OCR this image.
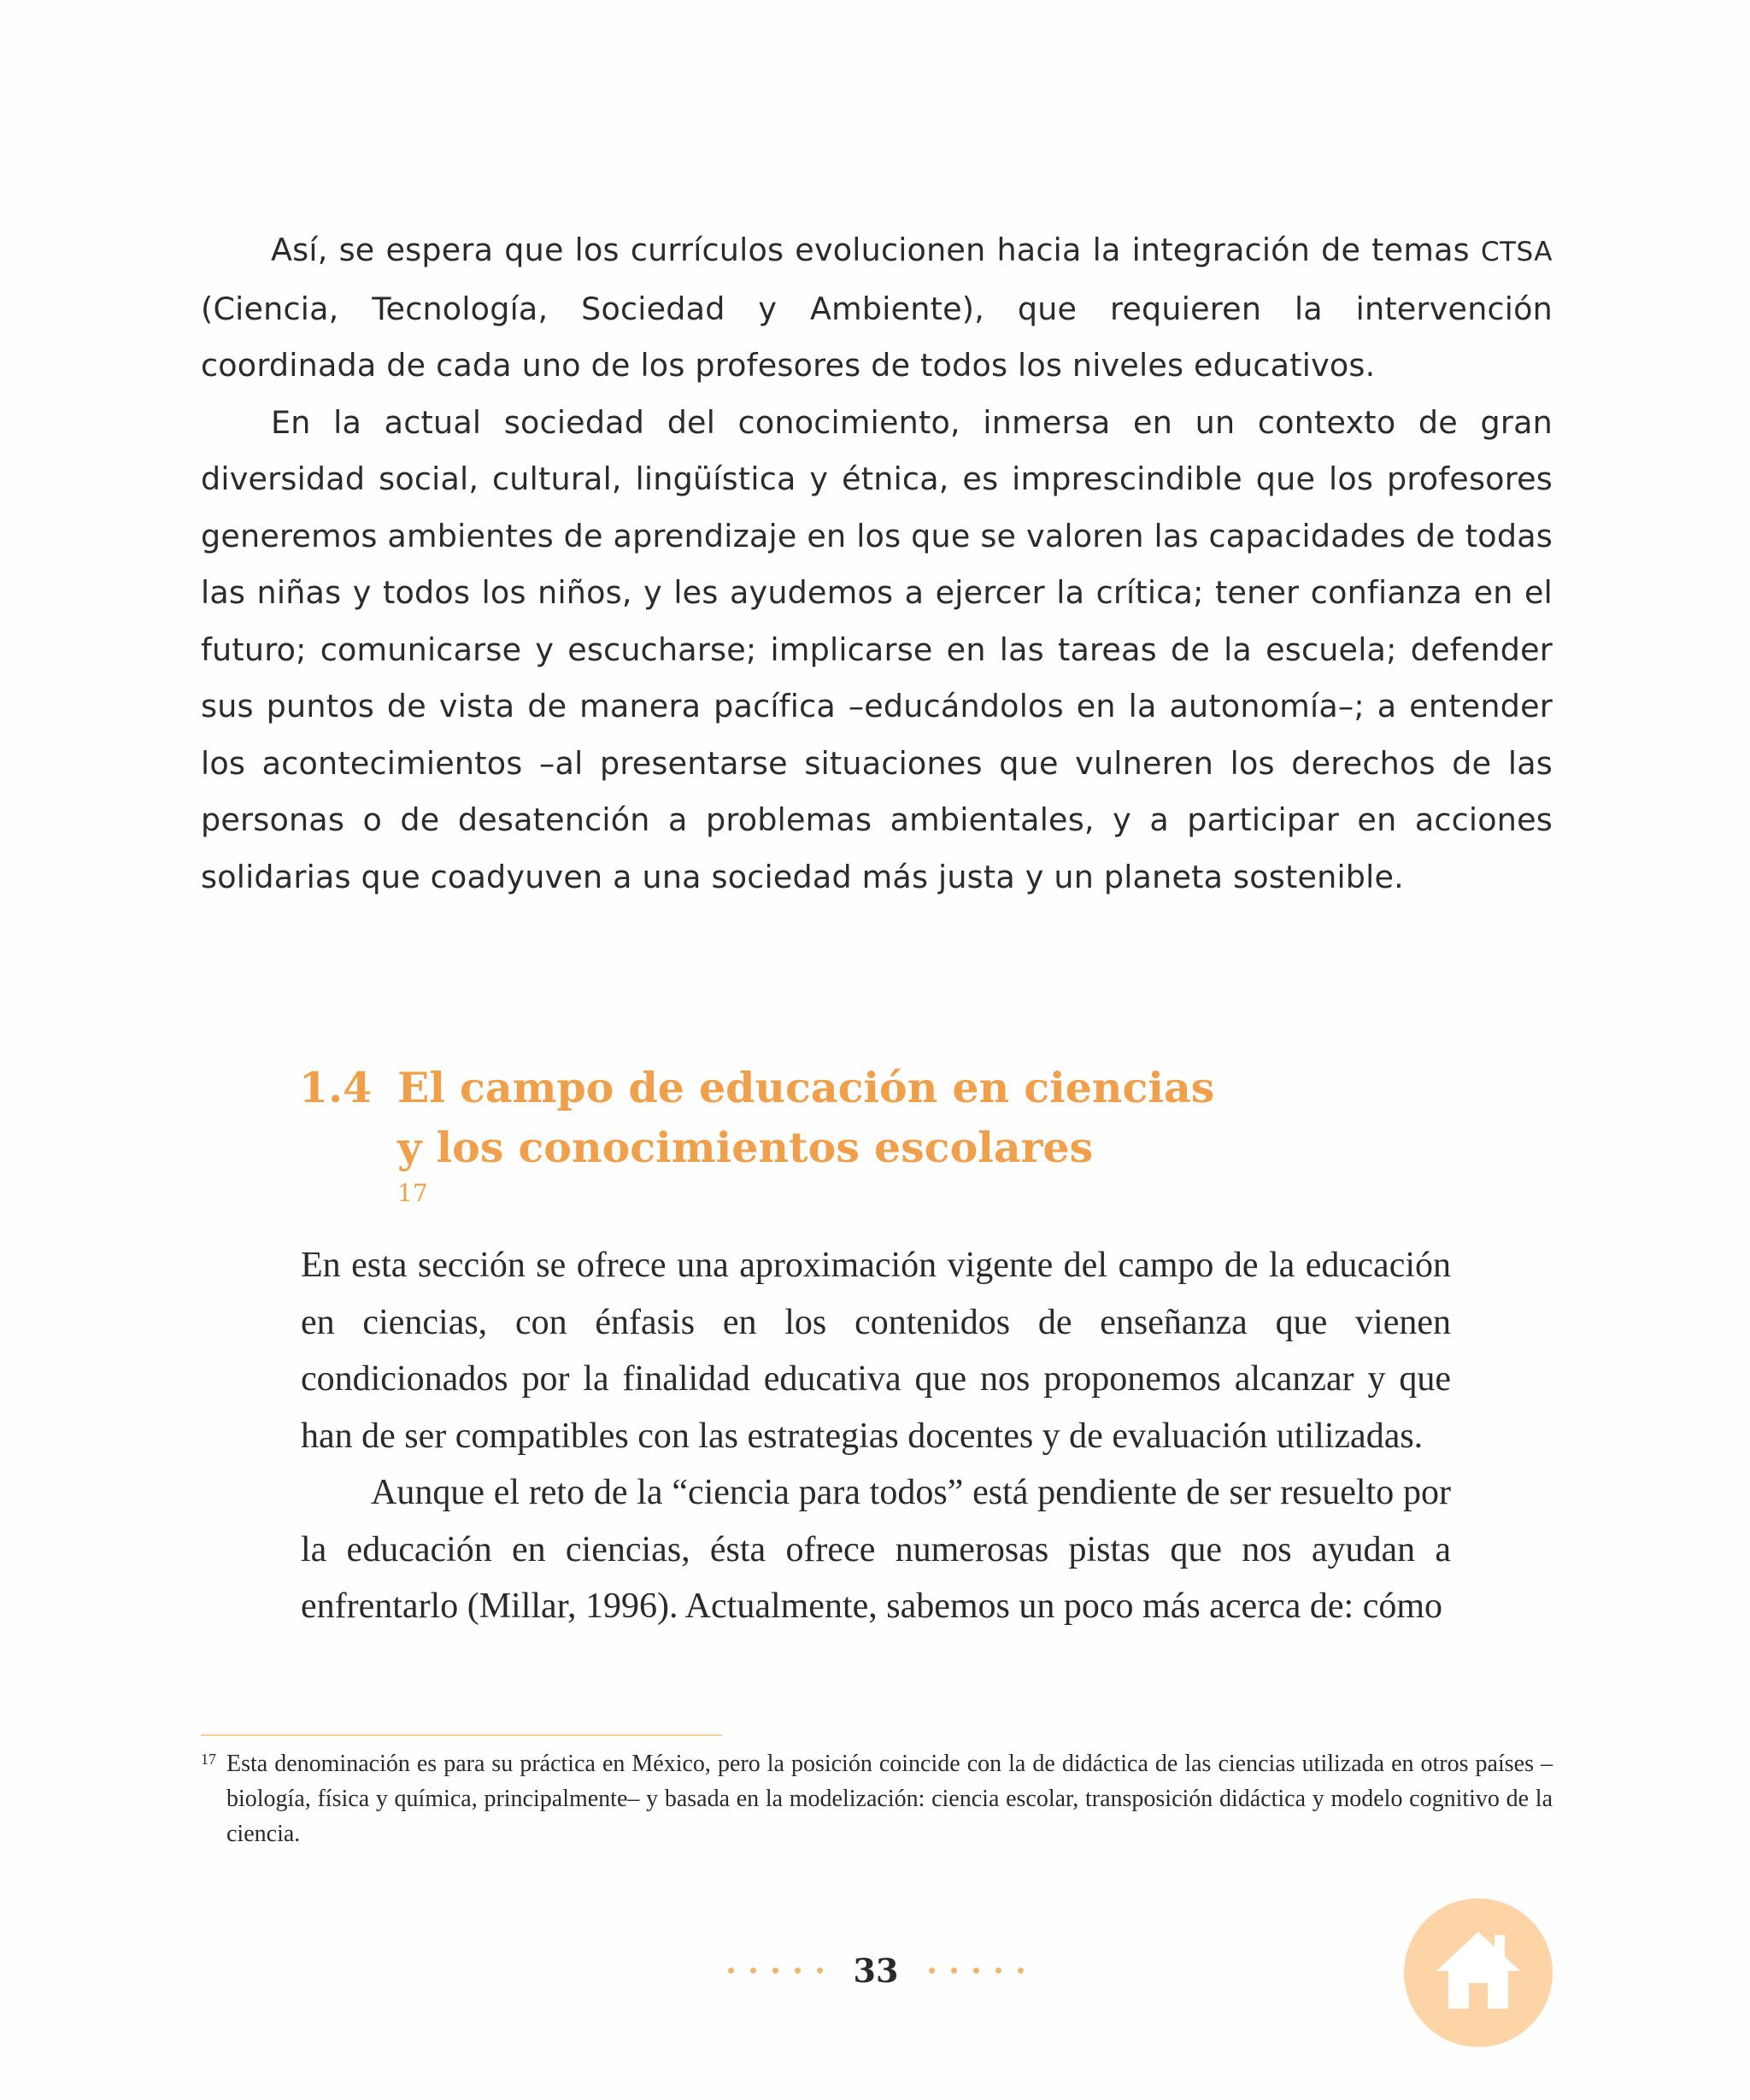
Así, se espera que los currículos evolucionen hacia la integración de temas CTSA (Ciencia, Tecnología, Sociedad y Ambiente), que requieren la intervención coordinada de cada uno de los profesores de todos los niveles educativos.

En la actual sociedad del conocimiento, inmersa en un contexto de gran diversidad social, cultural, lingüística y étnica, es imprescindible que los profesores generemos ambientes de aprendizaje en los que se valoren las capacidades de todas las niñas y todos los niños, y les ayudemos a ejercer la crítica; tener confianza en el futuro; comunicarse y escucharse; implicarse en las tareas de la escuela; defender sus puntos de vista de manera pacífica –educándolos en la autonomía–; a entender los acontecimientos –al presentarse situaciones que vulneren los derechos de las personas o de desatención a problemas ambientales, y a participar en acciones solidarias que coadyuven a una sociedad más justa y un planeta sostenible.

1.4 El campo de educación en ciencias
y los conocimientos escolares
$^{17}$

En esta sección se ofrece una aproximación vigente del campo de la educación en ciencias, con énfasis en los contenidos de enseñanza que vienen condicionados por la finalidad educativa que nos proponemos alcanzar y que han de ser compatibles con las estrategias docentes y de evaluación utilizadas.

Aunque el reto de la “ciencia para todos” está pendiente de ser resuelto por la educación en ciencias, ésta ofrece numerosas pistas que nos ayudan a enfrentarlo (Millar, 1996). Actualmente, sabemos un poco más acerca de: cómo

17 Esta denominación es para su práctica en México, pero la posición coincide con la de didáctica de las ciencias utilizada en otros países –biología, física y química, principalmente– y basada en la modelización: ciencia escolar, transposición didáctica y modelo cognitivo de la ciencia.
33
